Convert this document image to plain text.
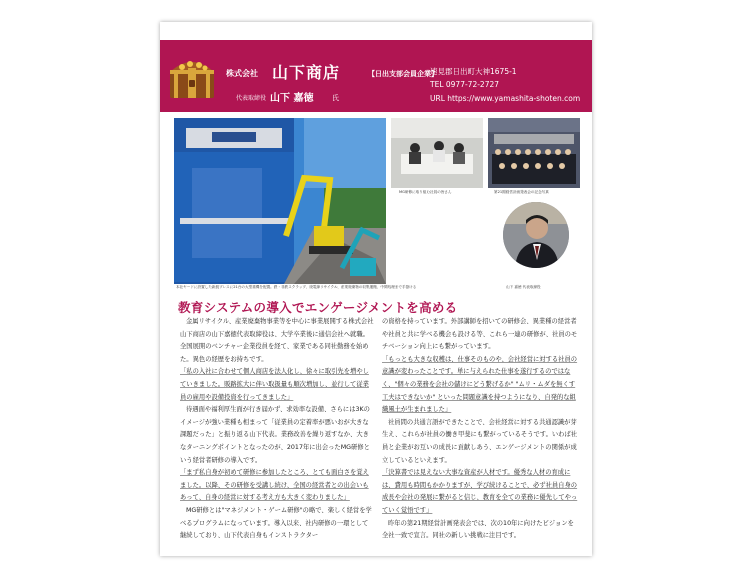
株式会社 山下商店	【日出支部会員企業】
代表取締役 山下 嘉徳	氏
速見郡日出町大神1675-1
TEL 0977-72-2727
URL https://www.yamashita-shoten.com
本社ヤードに設置した新鋭プレスに21台の大型重機を配置。鉄・非鉄スクラップ、廃電線リサイクル、産業廃棄物の収集運搬、中間処理まで手掛ける
MG研修に取り組む社員の皆さん	第21期経営計画発表会の記念写真
山下 嘉徳 代表取締役
教育システムの導入でエンゲージメントを高める

金属リサイクル、産業廃棄物事業等を中心に事業展開する株式会社山下商店の山下嘉徳代表取締役は、大学卒業後に通信会社へ就職。全国展開のベンチャー企業役員を経て、家業である同社勤務を始めた。異色の経歴をお持ちです。

「私の入社に合わせて個人商店を法人化し、徐々に取引先を増やしていきました。販路拡大に伴い取扱量も順次増加し、並行して従業員の雇用や設備投資を行ってきました」

待遇面や福利厚生面が行き届かず、求効率な設備、さらには3Kのイメージが強い業種も相まって「従業員の定着率が悪いおが大きな課題だった」と振り返る山下代表。業務改善を繰り返すなか、大きなターニングポイントとなったのが、2017年に出会ったMG研修という経営者研修の導入です。

「まず私自身が初めて研修に参加したところ、とても面白さを覚えました。以降、その研修を受講し続け、全国の経営者との出会いもあって、自身の経営に対する考え方も大きく変わりました」

MG研修とは"マネジメント・ゲーム研修"の略で、楽しく経営を学べるプログラムになっています。導入以来、社内研修の一環として継続しており、山下代表自身もインストラクター

の資格を持っています。外部講師を招いての研修会、異業種の経営者や社員と共に学べる機会も設ける等、これら一連の研修が、社員のモチベーション向上にも繋がっています。

「もっとも大きな収穫は、仕事そのものや、会社経営に対する社員の意識が変わったことです。単に与えられた仕事を遂行するのではなく、"個々の業務を会社の儲けにどう繋げるか" "ムリ・ムダを無くす工夫はできないか" といった問題意識を持つようになり、自発的な組織風土が生まれました」

社員間の共通言語ができたことで、会社経営に対する共通認識が芽生え、これらが社員の働き甲斐にも繋がっているそうです。いわば社員と企業がお互いの成長に貢献しあう、エンゲージメントの関係が成立しているといえます。

「決算書では見えない大事な資産が人材です。優秀な人材の育成には、費用も時間もかかりますが、学び続けることで、必ず社員自身の成長や会社の発展に繋がると信じ、教育を全ての業務に優先してやっていく覚悟です」

昨年の第21期経営計画発表会では、次の10年に向けたビジョンを全社一致で宣言。同社の新しい挑戦に注目です。
